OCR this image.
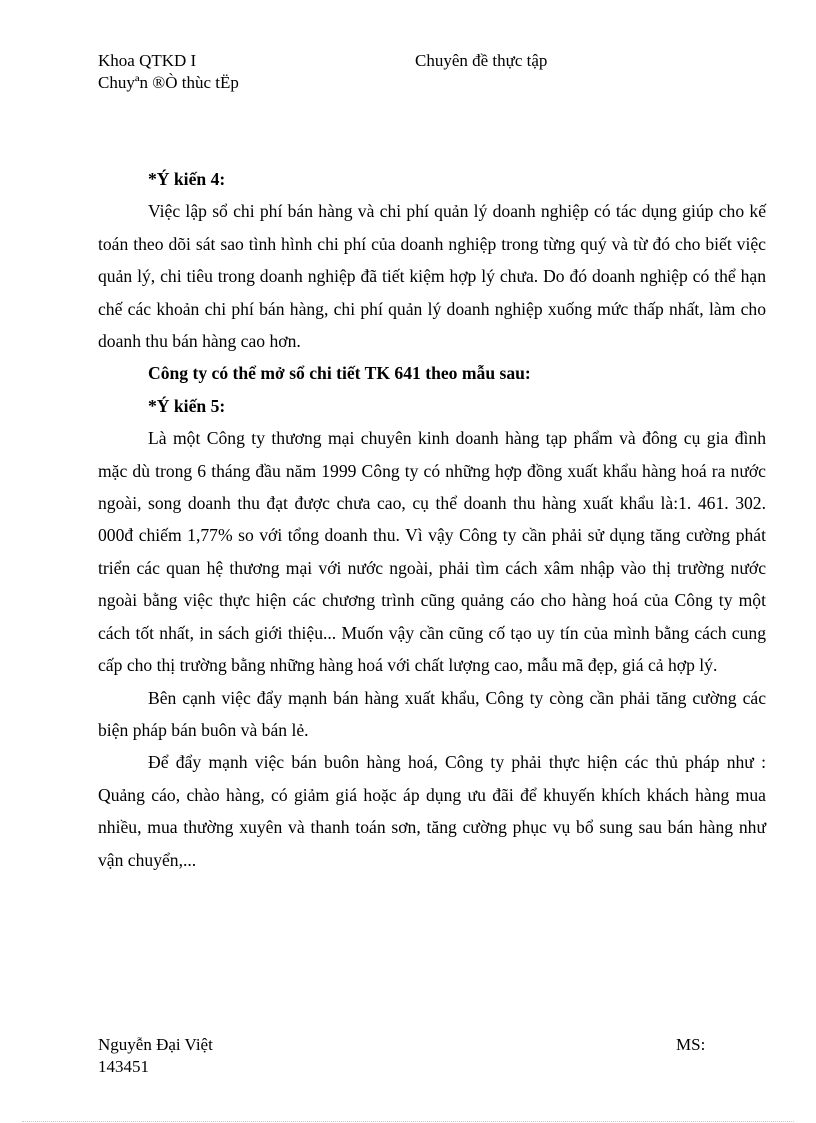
Khoa QTKD I
Chuyªn ®Ò thùc tËp
Chuyên đề thực tập

*Ý kiến 4:

Việc lập sổ chi phí bán hàng và chi phí quản lý doanh nghiệp có tác dụng giúp cho kế toán theo dõi sát sao tình hình chi phí của doanh nghiệp trong từng quý và từ đó cho biết việc quản lý, chi tiêu trong doanh nghiệp đã tiết kiệm hợp lý chưa. Do đó doanh nghiệp có thể hạn chế các khoản chi phí bán hàng, chi phí quản lý doanh nghiệp xuống mức thấp nhất, làm cho doanh thu bán hàng cao hơn.

Công ty có thể mở sổ chi tiết TK 641 theo mẫu sau:

*Ý kiến 5:

Là một Công ty thương mại chuyên kinh doanh hàng tạp phẩm và đông cụ gia đình mặc dù trong 6 tháng đầu năm 1999 Công ty có những hợp đồng xuất khẩu hàng hoá ra nước ngoài, song doanh thu đạt được chưa cao, cụ thể doanh thu hàng xuất khẩu là:1. 461. 302. 000đ chiếm 1,77% so với tổng doanh thu. Vì vậy Công ty cần phải sử dụng tăng cường phát triển các quan hệ thương mại với nước ngoài, phải tìm cách xâm nhập vào thị trường nước ngoài bằng việc thực hiện các chương trình cũng quảng cáo cho hàng hoá của Công ty một cách tốt nhất, in sách giới thiệu... Muốn vậy cần cũng cố tạo uy tín của mình bằng cách cung cấp cho thị trường bằng những hàng hoá với chất lượng cao, mẫu mã đẹp, giá cả hợp lý.

Bên cạnh việc đẩy mạnh bán hàng xuất khẩu, Công ty còng cần phải tăng cường các biện pháp bán buôn và bán lẻ.

Để đẩy mạnh việc bán buôn hàng hoá, Công ty phải thực hiện các thủ pháp như : Quảng cáo, chào hàng, có giảm giá hoặc áp dụng ưu đãi để khuyến khích khách hàng mua nhiều, mua thường xuyên và thanh toán sơn, tăng cường phục vụ bổ sung sau bán hàng như vận chuyển,...

Nguyễn Đại Việt
143451
MS:
